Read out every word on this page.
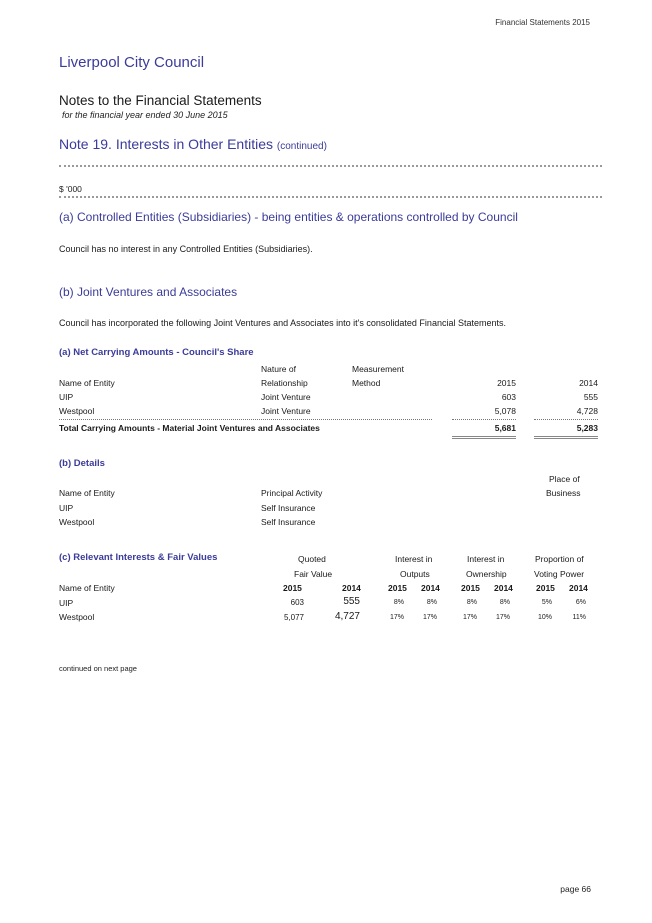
Financial Statements 2015
Liverpool City Council
Notes to the Financial Statements
for the financial year ended 30 June 2015
Note 19. Interests in Other Entities (continued)
$ '000
(a) Controlled Entities (Subsidiaries) - being entities & operations controlled by Council
Council has no interest in any Controlled Entities (Subsidiaries).
(b) Joint Ventures and Associates
Council has incorporated the following Joint Ventures and Associates into it's consolidated Financial Statements.
(a) Net Carrying Amounts - Council's Share
Nature of
Relationship
Measurement
Method
Name of Entity	2015	2014
UIP	Joint Venture	603	555
Westpool	Joint Venture	5,078	4,728
Total Carrying Amounts - Material Joint Ventures and Associates	5,681	5,283
(b) Details
Place of
Business
Name of Entity	Principal Activity
UIP	Self Insurance
Westpool	Self Insurance
(c) Relevant Interests & Fair Values	Quoted
Fair Value
Interest in
Outputs
Interest in
Ownership
Proportion of
Voting Power
Name of Entity	2015	2014	2015 2014 2015 2014	2015 2014
UIP	603	555	8%	8%	8%	8%	5%	6%
Westpool	5,077	4,727	17%	17%	17%	17%	10%	11%
continued on next page
page 66
